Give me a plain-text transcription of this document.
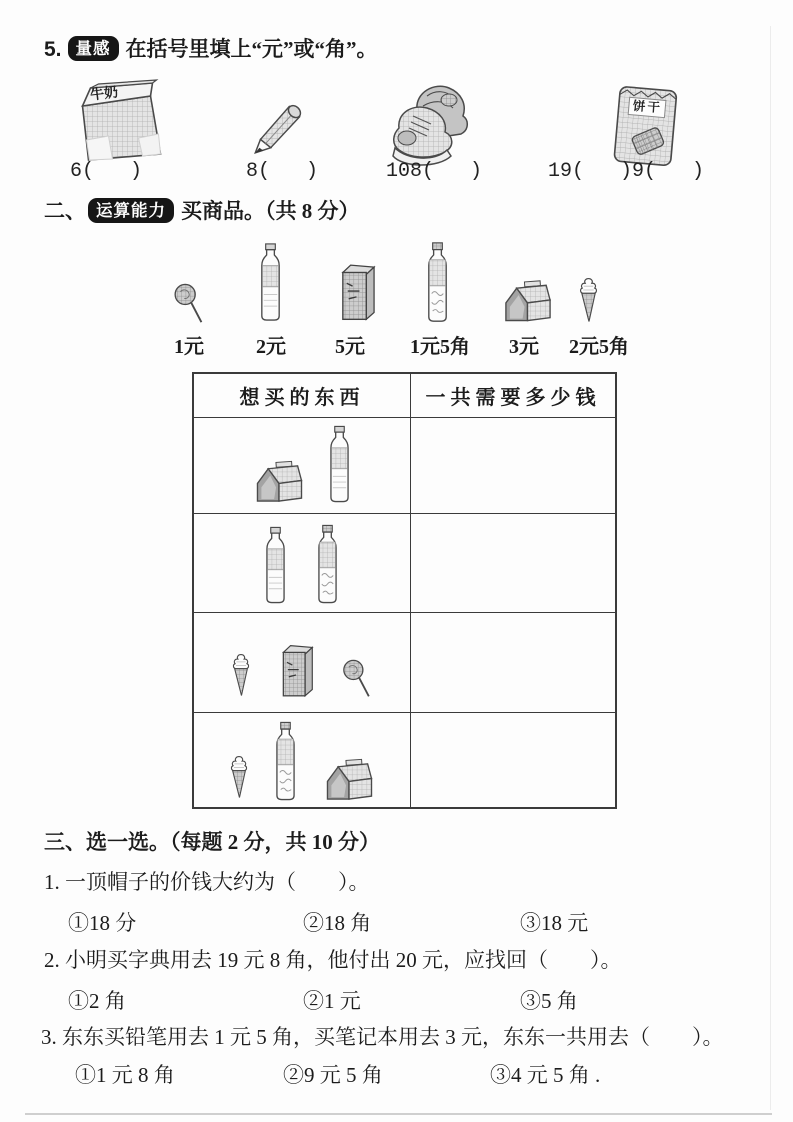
5. 量感 在括号里填上“元”或“角”。
牛奶
饼干
6(   )	8(   )	108(   )	19(   )9(   )
二、 运算能力 买商品。（共 8 分）
1元	2元	5元	1元5角	3元	2元5角
想买的东西	一共需要多少钱
三、选一选。（每题 2 分，共 10 分）
1. 一顶帽子的价钱大约为（　　）。
①18 分	②18 角	③18 元
2. 小明买字典用去 19 元 8 角，他付出 20 元，应找回（　　）。
①2 角	②1 元	③5 角
3. 东东买铅笔用去 1 元 5 角，买笔记本用去 3 元，东东一共用去（　　）。
①1 元 8 角	②9 元 5 角	③4 元 5 角 .
